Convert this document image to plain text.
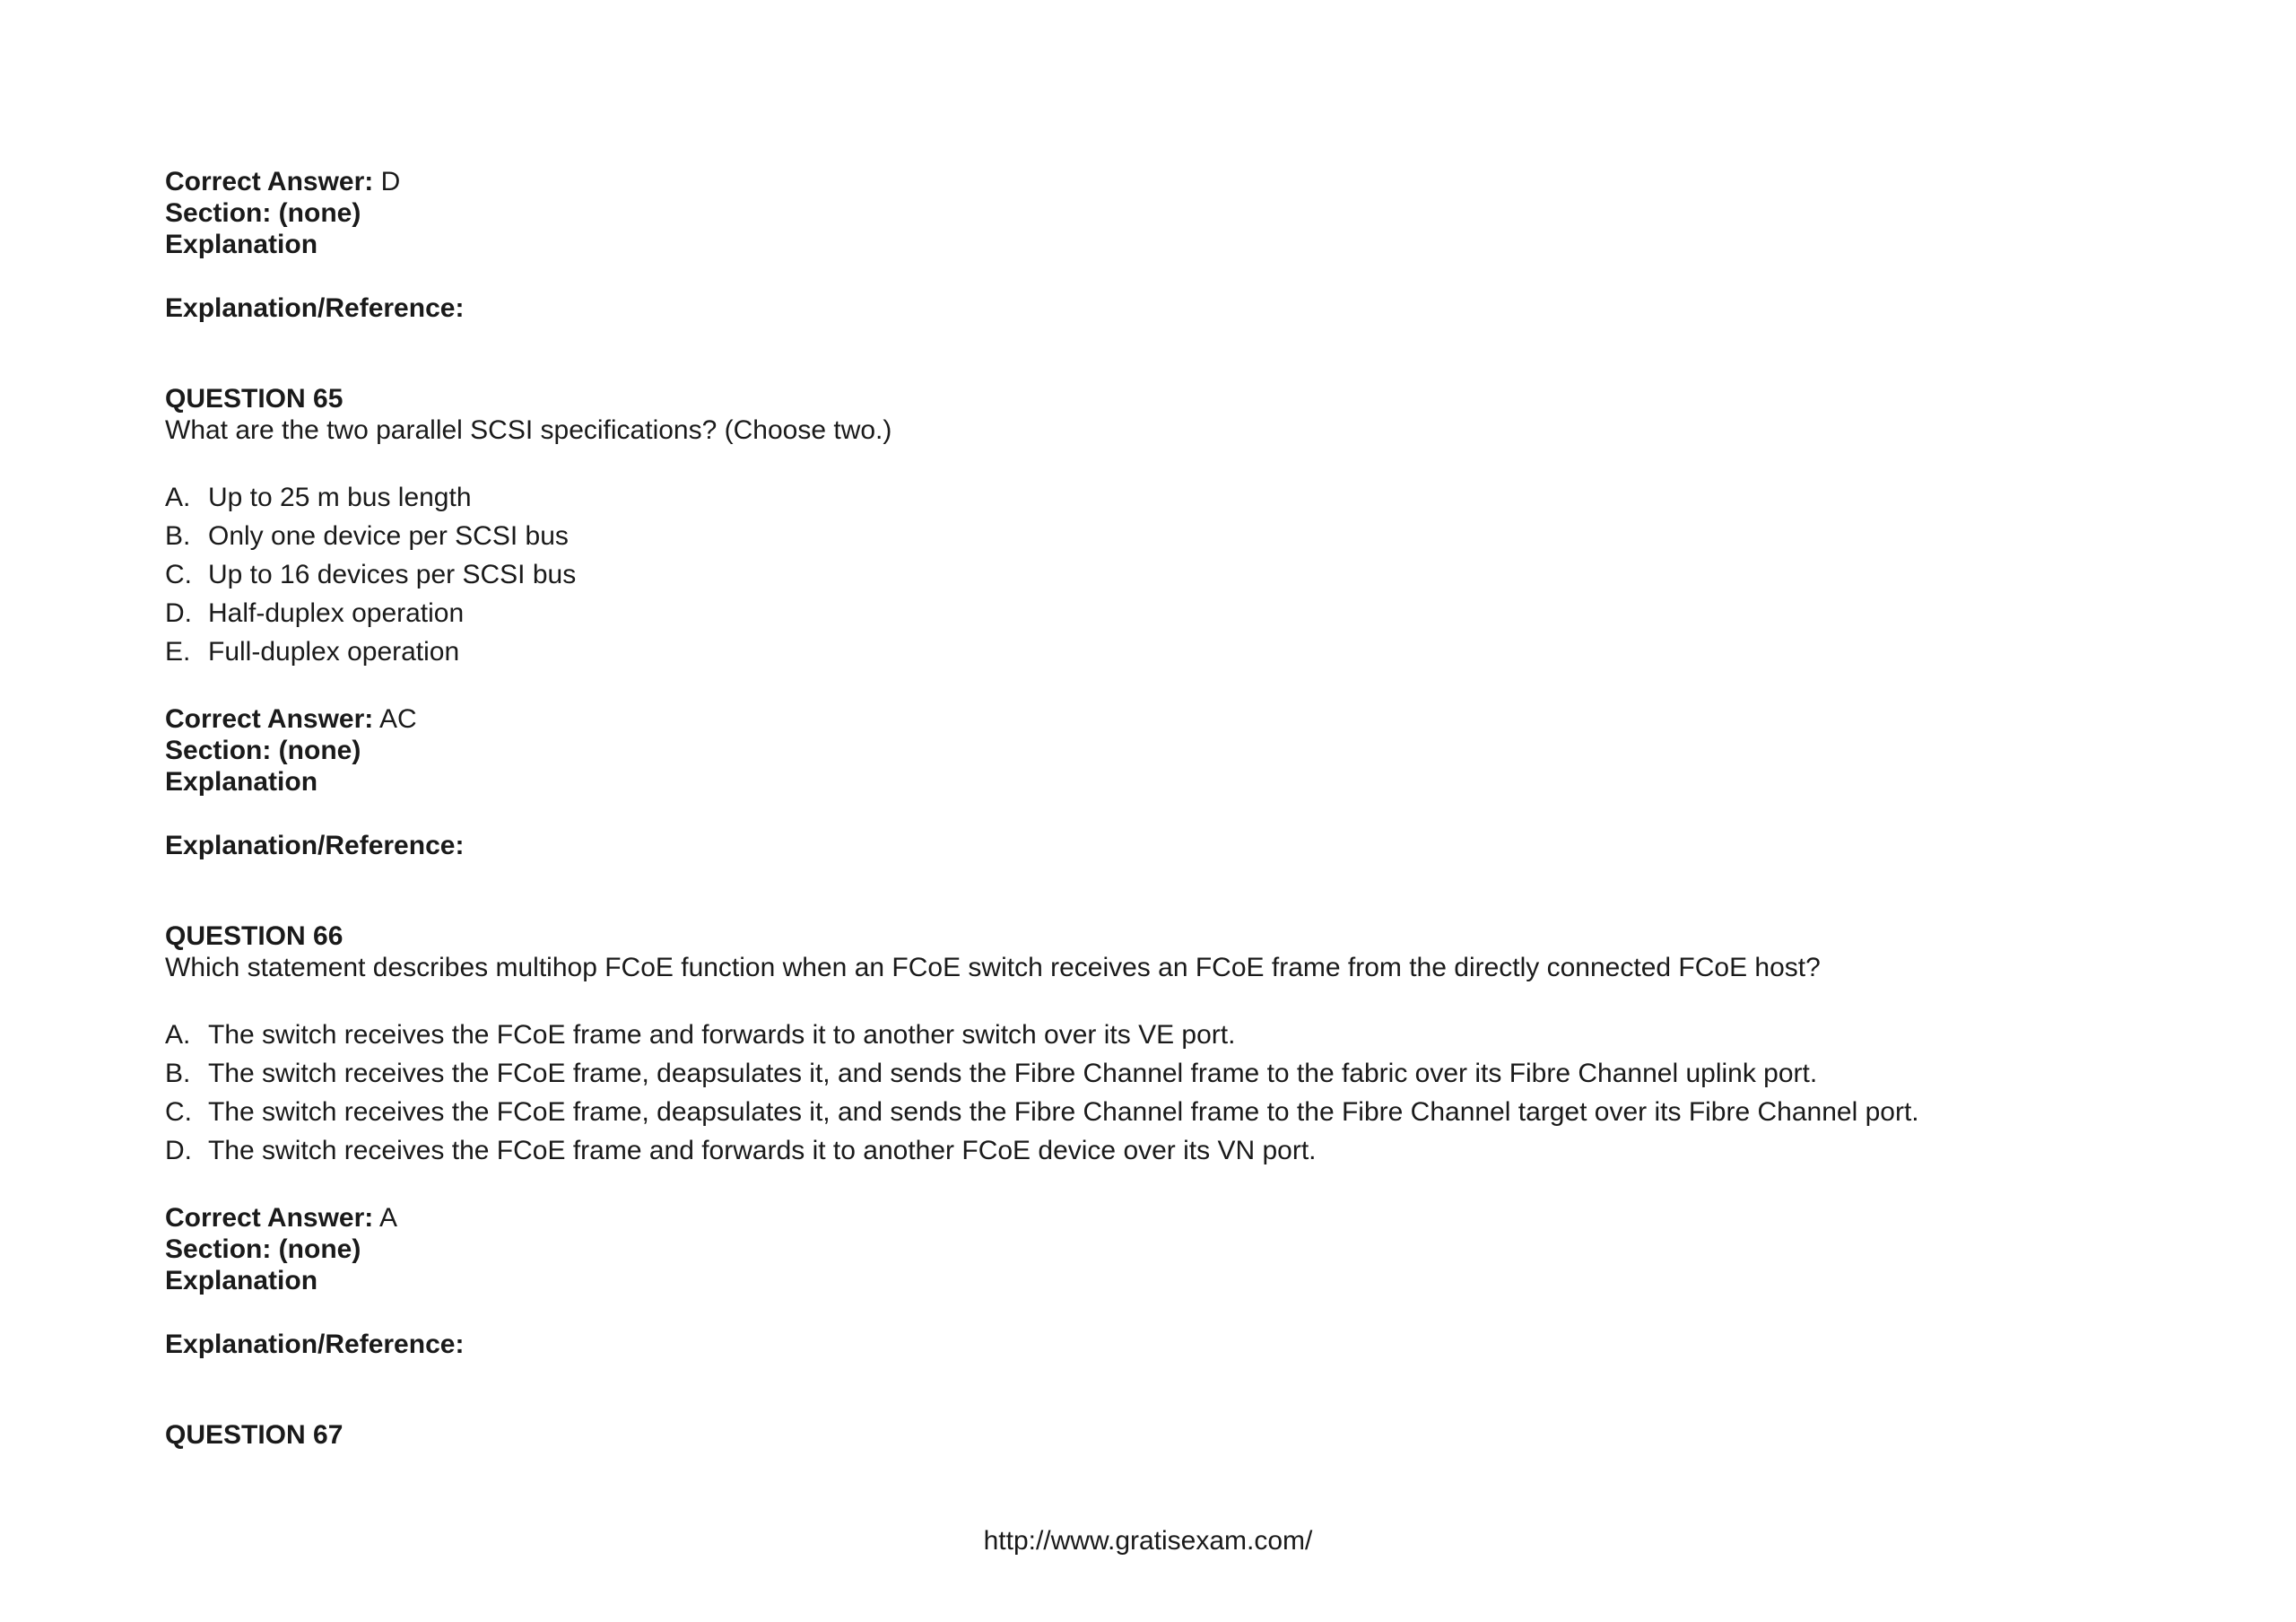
Correct Answer: D
Section: (none)
Explanation
Explanation/Reference:
QUESTION 65
What are the two parallel SCSI specifications? (Choose two.)
A. Up to 25 m bus length
B. Only one device per SCSI bus
C. Up to 16 devices per SCSI bus
D. Half-duplex operation
E. Full-duplex operation
Correct Answer: AC
Section: (none)
Explanation
Explanation/Reference:
QUESTION 66
Which statement describes multihop FCoE function when an FCoE switch receives an FCoE frame from the directly connected FCoE host?
A. The switch receives the FCoE frame and forwards it to another switch over its VE port.
B. The switch receives the FCoE frame, deapsulates it, and sends the Fibre Channel frame to the fabric over its Fibre Channel uplink port.
C. The switch receives the FCoE frame, deapsulates it, and sends the Fibre Channel frame to the Fibre Channel target over its Fibre Channel port.
D. The switch receives the FCoE frame and forwards it to another FCoE device over its VN port.
Correct Answer: A
Section: (none)
Explanation
Explanation/Reference:
QUESTION 67
http://www.gratisexam.com/
